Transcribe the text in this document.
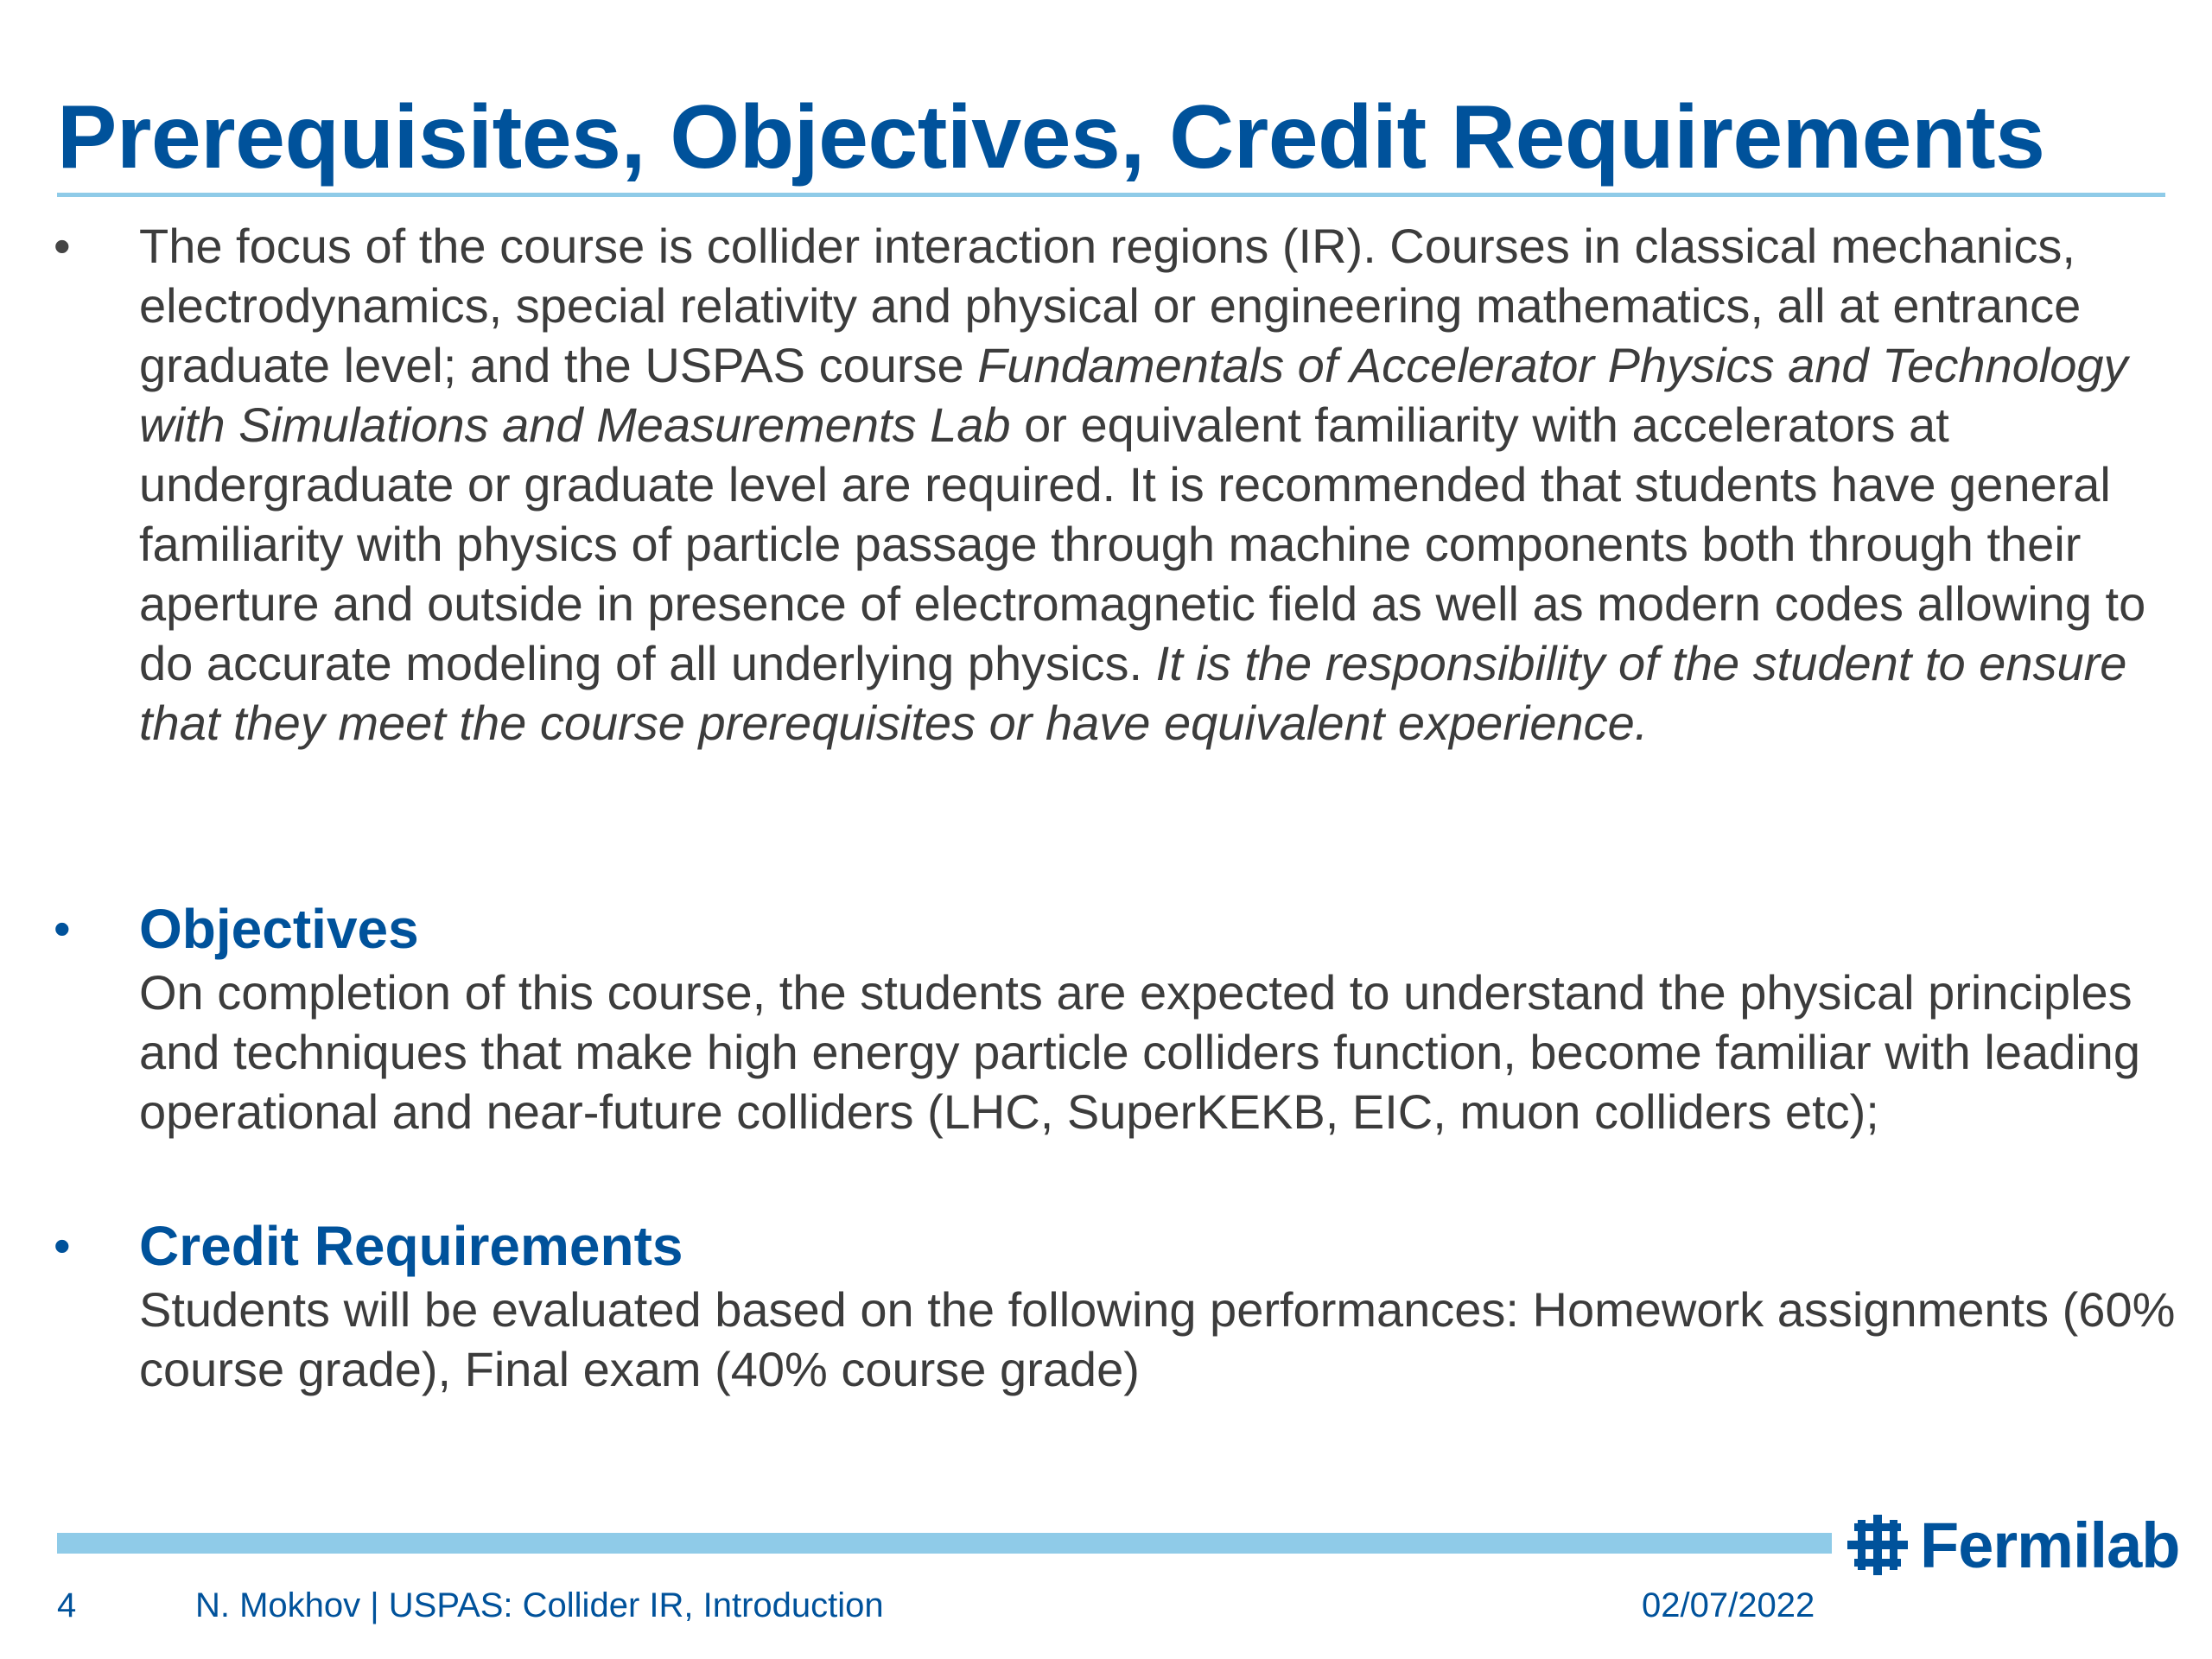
Prerequisites, Objectives, Credit Requirements
• The focus of the course is collider interaction regions (IR). Courses in classical mechanics, electrodynamics, special relativity and physical or engineering mathematics, all at entrance graduate level; and the USPAS course Fundamentals of Accelerator Physics and Technology with Simulations and Measurements Lab or equivalent familiarity with accelerators at undergraduate or graduate level are required. It is recommended that students have general familiarity with physics of particle passage through machine components both through their aperture and outside in presence of electromagnetic field as well as modern codes allowing to do accurate modeling of all underlying physics. It is the responsibility of the student to ensure that they meet the course prerequisites or have equivalent experience.

• Objectives

On completion of this course, the students are expected to understand the physical principles and techniques that make high energy particle colliders function, become familiar with leading operational and near-future colliders (LHC, SuperKEKB, EIC, muon colliders etc);

• Credit Requirements

Students will be evaluated based on the following performances: Homework assignments (60% course grade), Final exam (40% course grade)

Fermilab
4	N. Mokhov | USPAS: Collider IR, Introduction	02/07/2022
